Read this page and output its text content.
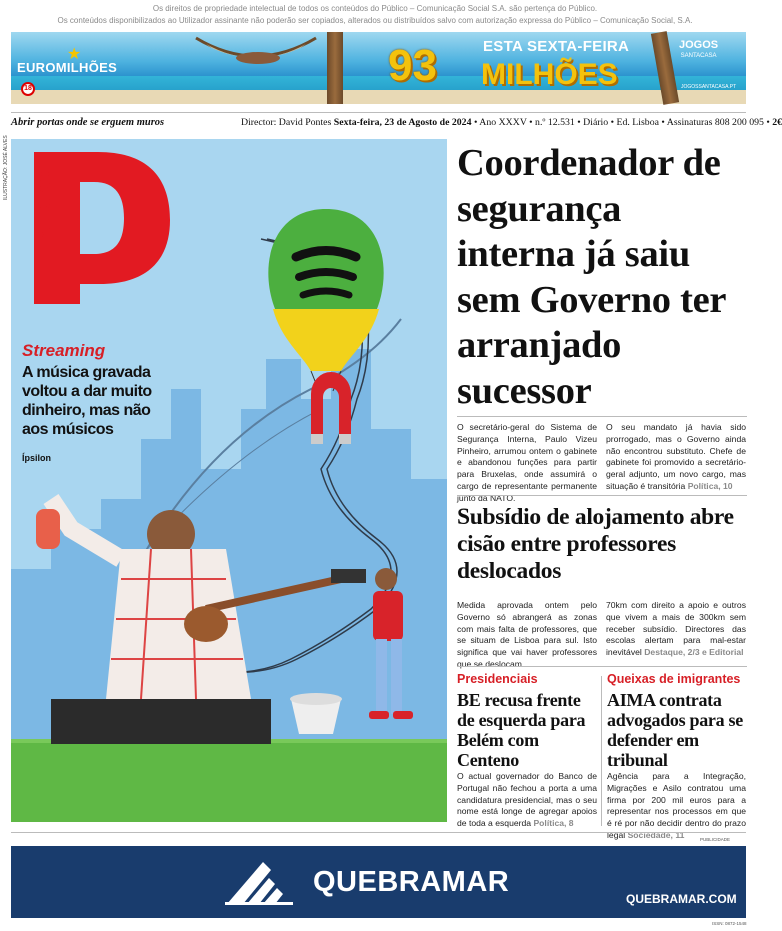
Os direitos de propriedade intelectual de todos os conteúdos do Público – Comunicação Social S.A. são pertença do Público.
Os conteúdos disponibilizados ao Utilizador assinante não poderão ser copiados, alterados ou distribuídos salvo com autorização expressa do Público – Comunicação Social, S.A.
★
EUROMILHÕES
18	93	ESTA SEXTA-FEIRA
MILHÕES
JOGOS
SANTACASA
JOGOSSANTACASA.PT
Abrir portas onde se erguem muros	Director: David Pontes Sexta-feira, 23 de Agosto de 2024 • Ano XXXV • n.º 12.531 • Diário • Ed. Lisboa • Assinaturas 808 200 095 • 2€
Público
ILUSTRAÇÃO: JOSÉ ALVES
Streaming
A música gravada voltou a dar muito dinheiro, mas não aos músicos
Ípsilon
Coordenador de segurança interna já saiu sem Governo ter arranjado sucessor
O secretário-geral do Sistema de Segurança Interna, Paulo Vizeu Pinheiro, arrumou ontem o gabinete e abandonou funções para partir para Bruxelas, onde assumirá o cargo de representante permanente junto da NATO.
O seu mandato já havia sido prorrogado, mas o Governo ainda não encontrou substituto. Chefe de gabinete foi promovido a secretário-geral adjunto, um novo cargo, mas situação é transitória Política, 10
Subsídio de alojamento abre cisão entre professores deslocados
Medida aprovada ontem pelo Governo só abrangerá as zonas com mais falta de professores, que se situam de Lisboa para sul. Isto significa que vai haver professores que se deslocam
70km com direito a apoio e outros que vivem a mais de 300km sem receber subsídio. Directores das escolas alertam para mal-estar inevitável Destaque, 2/3 e Editorial
Presidenciais
BE recusa frente de esquerda para Belém com Centeno
O actual governador do Banco de Portugal não fechou a porta a uma candidatura presidencial, mas o seu nome está longe de agregar apoios de toda a esquerda Política, 8
Queixas de imigrantes
AIMA contrata advogados para se defender em tribunal
Agência para a Integração, Migrações e Asilo contratou uma firma por 200 mil euros para a representar nos processos em que é ré por não decidir dentro do prazo legal Sociedade, 11	PUBLICIDADE
QUEBRAMAR
QUEBRAMAR.COM
ISSN: 0872-1548
